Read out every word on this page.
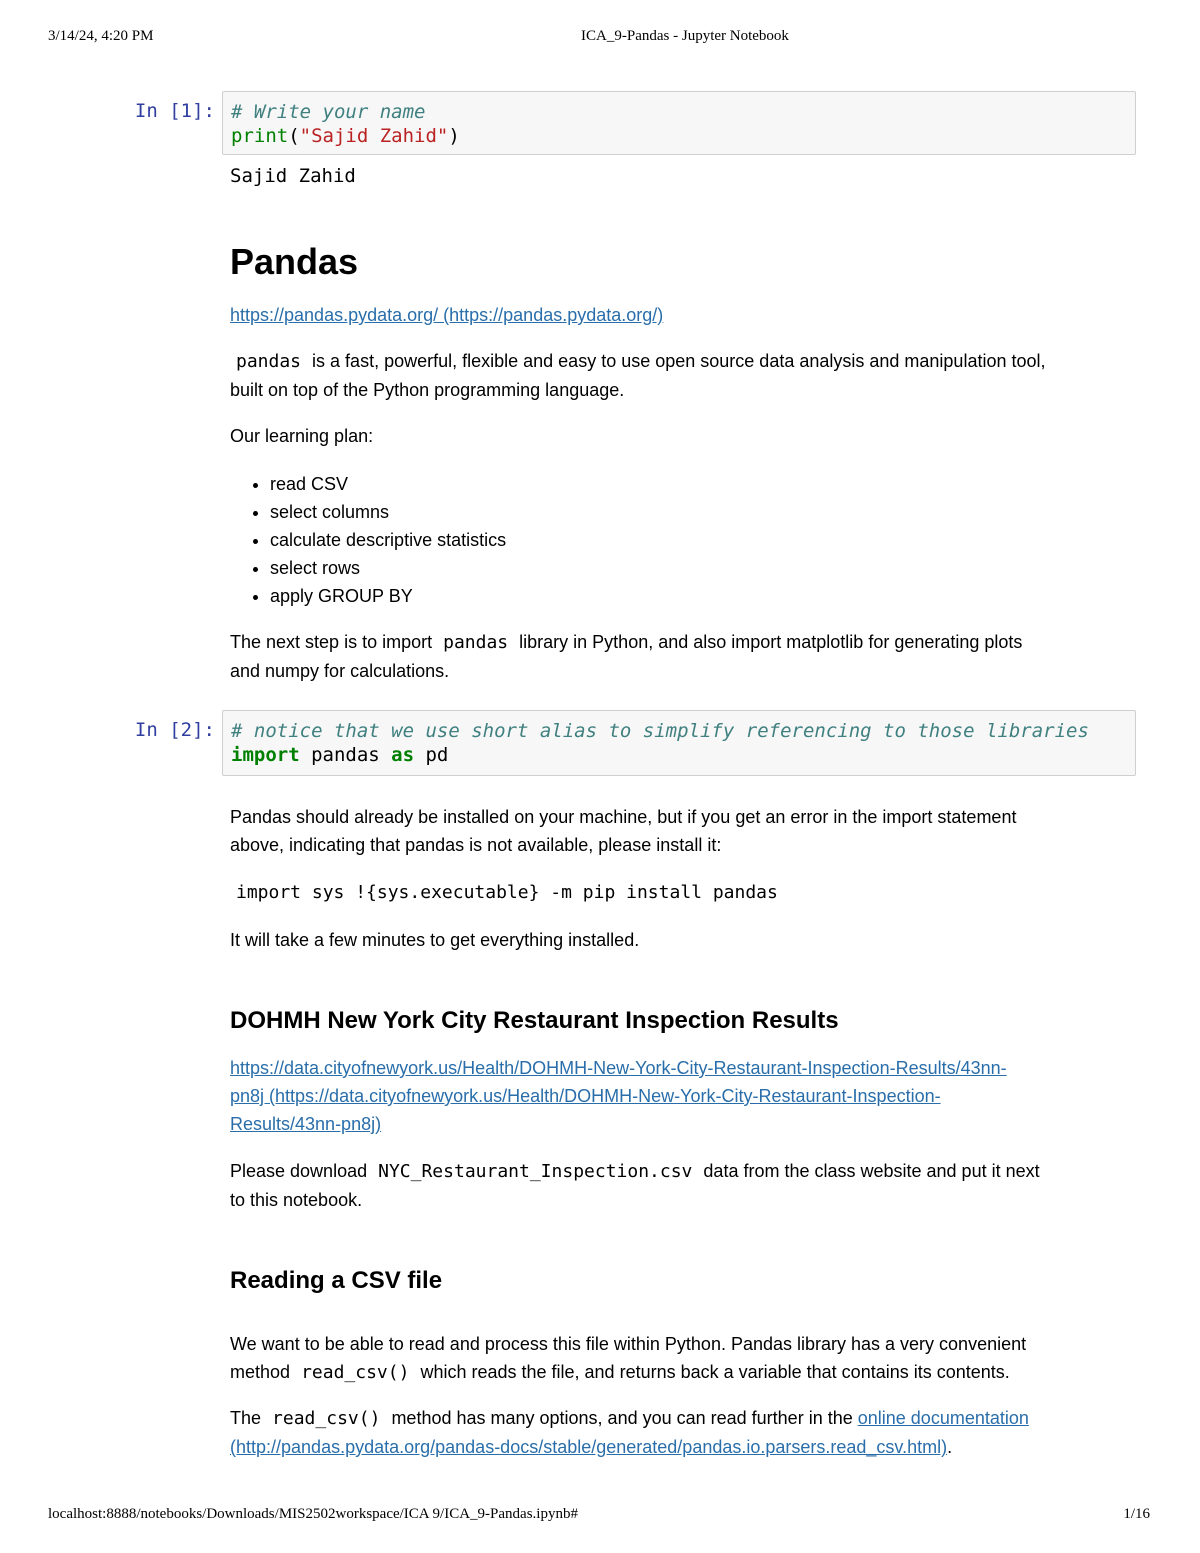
3/14/24, 4:20 PM	ICA_9-Pandas - Jupyter Notebook
In [1]: # Write your name
print("Sajid Zahid")
Sajid Zahid
Pandas
https://pandas.pydata.org/ (https://pandas.pydata.org/)
pandas is a fast, powerful, flexible and easy to use open source data analysis and manipulation tool,
built on top of the Python programming language.
Our learning plan:
• read CSV
• select columns
• calculate descriptive statistics
• select rows
• apply GROUP BY
The next step is to import pandas library in Python, and also import matplotlib for generating plots
and numpy for calculations.
In [2]: # notice that we use short alias to simplify referencing to those libraries
import pandas as pd
Pandas should already be installed on your machine, but if you get an error in the import statement
above, indicating that pandas is not available, please install it:
import sys !{sys.executable} -m pip install pandas
It will take a few minutes to get everything installed.
DOHMH New York City Restaurant Inspection Results
https://data.cityofnewyork.us/Health/DOHMH-New-York-City-Restaurant-Inspection-Results/43nn-
pn8j (https://data.cityofnewyork.us/Health/DOHMH-New-York-City-Restaurant-Inspection-
Results/43nn-pn8j)
Please download NYC_Restaurant_Inspection.csv data from the class website and put it next
to this notebook.
Reading a CSV file
We want to be able to read and process this file within Python. Pandas library has a very convenient
method read_csv() which reads the file, and returns back a variable that contains its contents.
The read_csv() method has many options, and you can read further in the online documentation
(http://pandas.pydata.org/pandas-docs/stable/generated/pandas.io.parsers.read_csv.html).
localhost:8888/notebooks/Downloads/MIS2502workspace/ICA 9/ICA_9-Pandas.ipynb#	1/16
